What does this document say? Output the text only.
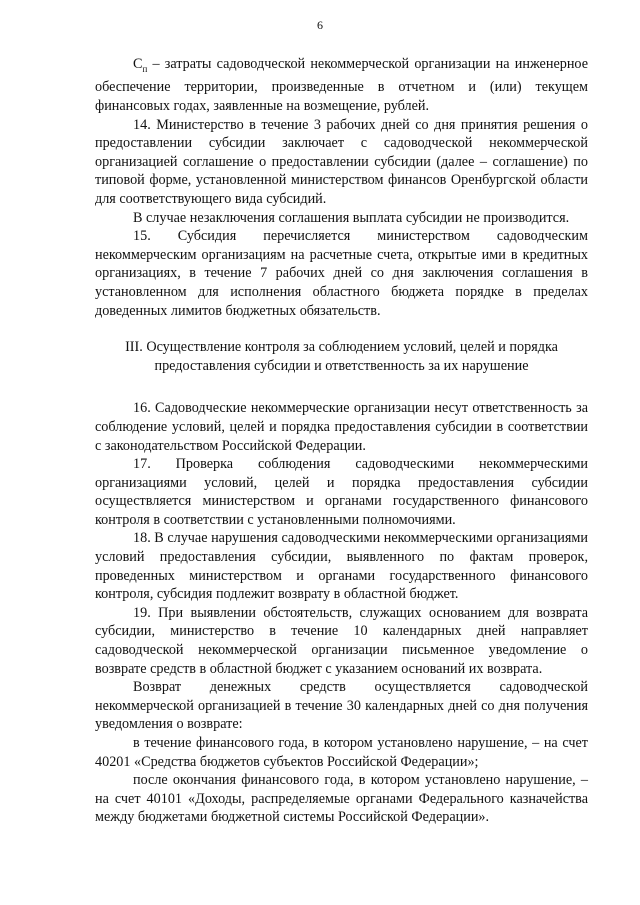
6

$С_п$ – затраты садоводческой некоммерческой организации на инженерное обеспечение территории, произведенные в отчетном и (или) текущем финансовых годах, заявленные на возмещение, рублей.

14. Министерство в течение 3 рабочих дней со дня принятия решения о предоставлении субсидии заключает с садоводческой некоммерческой организацией соглашение о предоставлении субсидии (далее – соглашение) по типовой форме, установленной министерством финансов Оренбургской области для соответствующего вида субсидий.

В случае незаключения соглашения выплата субсидии не производится.

15. Субсидия перечисляется министерством садоводческим некоммерческим организациям на расчетные счета, открытые ими в кредитных организациях, в течение 7 рабочих дней со дня заключения соглашения в установленном для исполнения областного бюджета порядке в пределах доведенных лимитов бюджетных обязательств.

III. Осуществление контроля за соблюдением условий, целей и порядка
предоставления субсидии и ответственность за их нарушение

16. Садоводческие некоммерческие организации несут ответственность за соблюдение условий, целей и порядка предоставления субсидии в соответствии с законодательством Российской Федерации.

17. Проверка соблюдения садоводческими некоммерческими организациями условий, целей и порядка предоставления субсидии осуществляется министерством и органами государственного финансового контроля в соответствии с установленными полномочиями.

18. В случае нарушения садоводческими некоммерческими организациями условий предоставления субсидии, выявленного по фактам проверок, проведенных министерством и органами государственного финансового контроля, субсидия подлежит возврату в областной бюджет.

19. При выявлении обстоятельств, служащих основанием для возврата субсидии, министерство в течение 10 календарных дней направляет садоводческой некоммерческой организации письменное уведомление о возврате средств в областной бюджет с указанием оснований их возврата.

Возврат денежных средств осуществляется садоводческой некоммерческой организацией в течение 30 календарных дней со дня получения уведомления о возврате:

в течение финансового года, в котором установлено нарушение, – на счет 40201 «Средства бюджетов субъектов Российской Федерации»;

после окончания финансового года, в котором установлено нарушение, – на счет 40101 «Доходы, распределяемые органами Федерального казначейства между бюджетами бюджетной системы Российской Федерации».
